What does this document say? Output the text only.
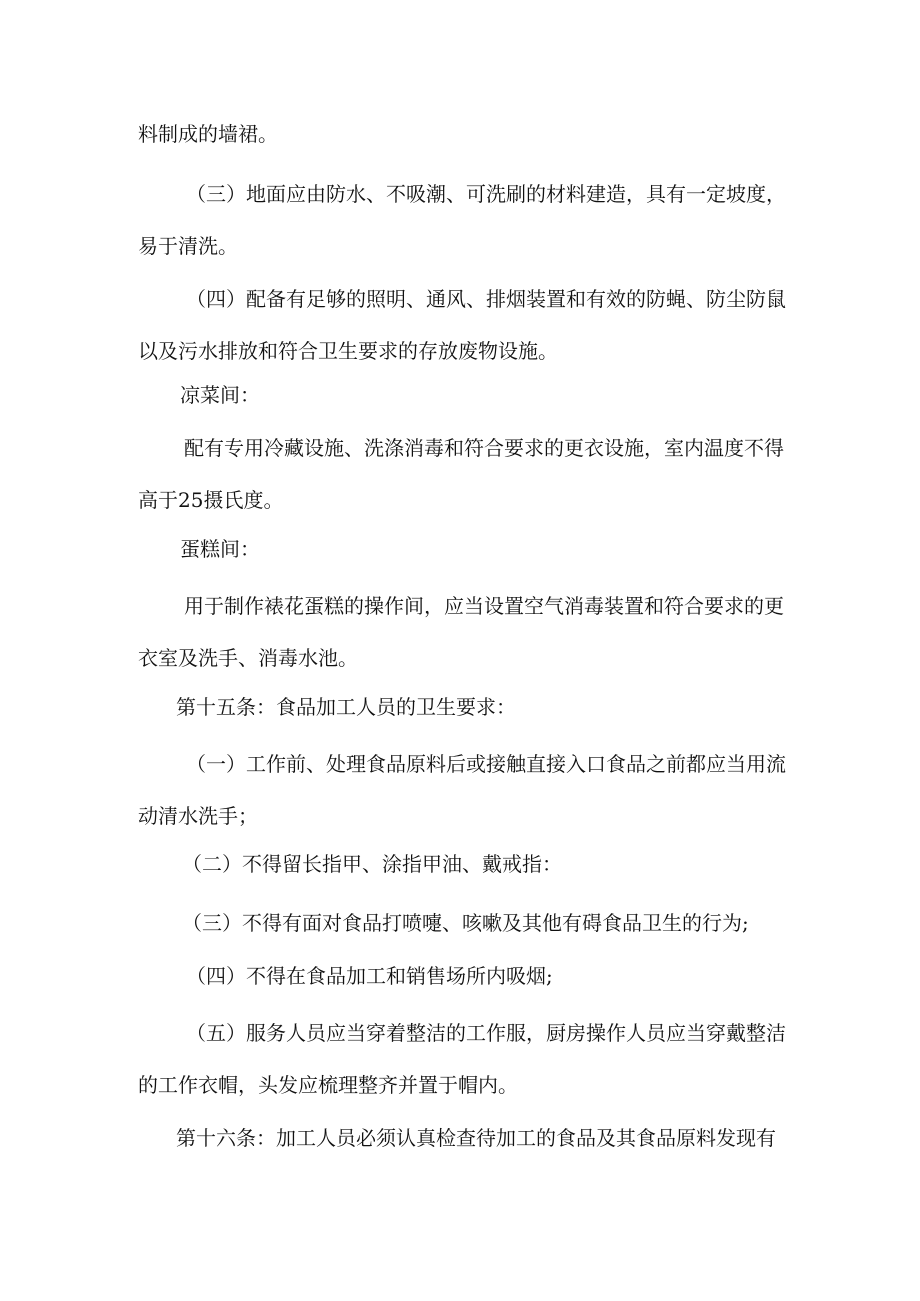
料制成的墙裙。

（三）地面应由防水、不吸潮、可洗刷的材料建造，具有一定坡度，
易于清洗。

（四）配备有足够的照明、通风、排烟装置和有效的防蝇、防尘防鼠
以及污水排放和符合卫生要求的存放废物设施。

凉菜间：

配有专用冷藏设施、洗涤消毒和符合要求的更衣设施，室内温度不得
高于25摄氏度。

蛋糕间：

用于制作裱花蛋糕的操作间，应当设置空气消毒装置和符合要求的更
衣室及洗手、消毒水池。

第十五条：食品加工人员的卫生要求：

（一）工作前、处理食品原料后或接触直接入口食品之前都应当用流
动清水洗手；

（二）不得留长指甲、涂指甲油、戴戒指：

（三）不得有面对食品打喷嚏、咳嗽及其他有碍食品卫生的行为;

（四）不得在食品加工和销售场所内吸烟;

（五）服务人员应当穿着整洁的工作服，厨房操作人员应当穿戴整洁
的工作衣帽，头发应梳理整齐并置于帽内。

第十六条：加工人员必须认真检查待加工的食品及其食品原料发现有
